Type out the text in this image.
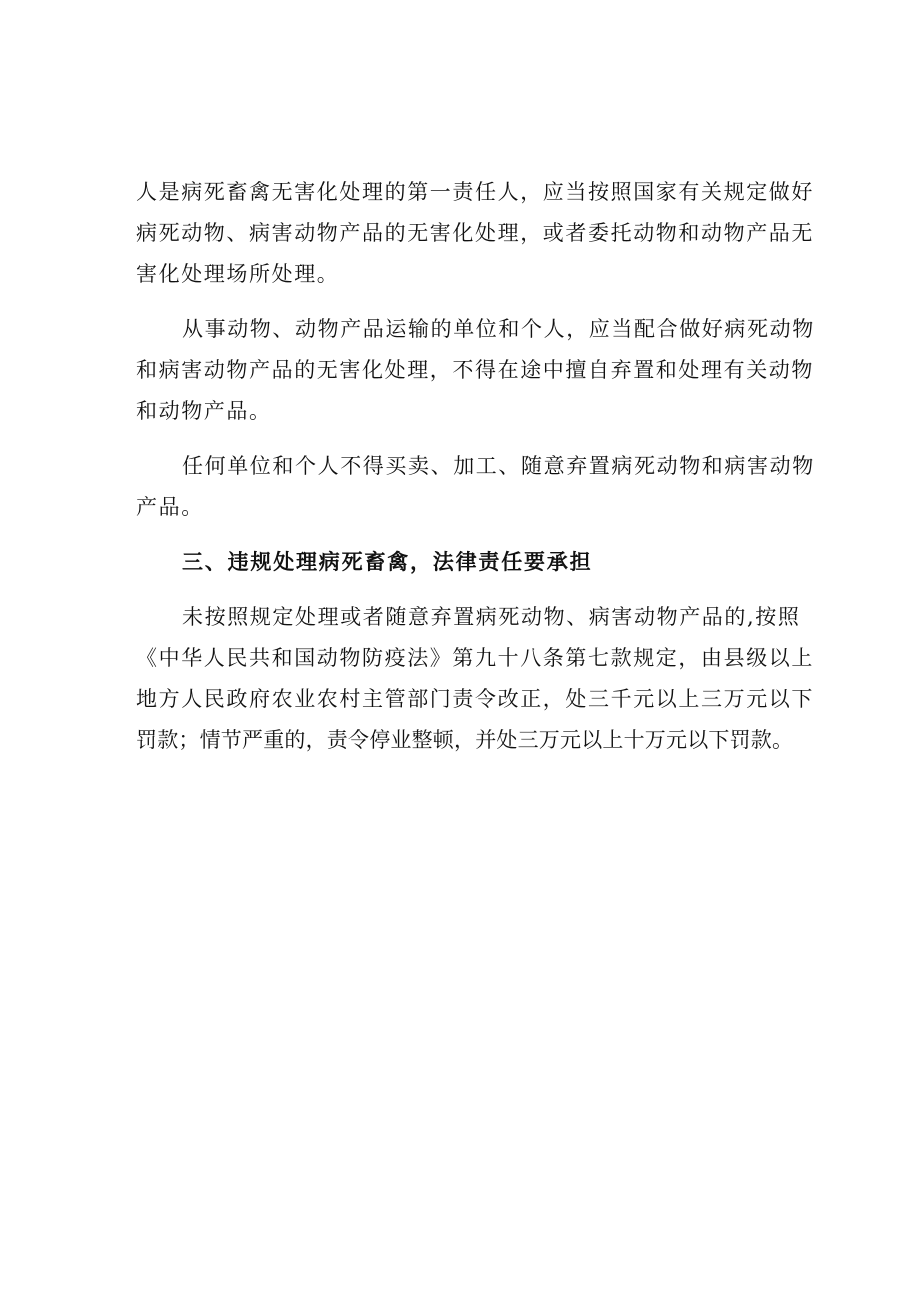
人是病死畜禽无害化处理的第一责任人，应当按照国家有关规定做好
病死动物、病害动物产品的无害化处理，或者委托动物和动物产品无
害化处理场所处理。
从事动物、动物产品运输的单位和个人，应当配合做好病死动物
和病害动物产品的无害化处理，不得在途中擅自弃置和处理有关动物
和动物产品。
任何单位和个人不得买卖、加工、随意弃置病死动物和病害动物
产品。
三、违规处理病死畜禽，法律责任要承担
未按照规定处理或者随意弃置病死动物、病害动物产品的,按照
《中华人民共和国动物防疫法》第九十八条第七款规定，由县级以上
地方人民政府农业农村主管部门责令改正，处三千元以上三万元以下
罚款；情节严重的，责令停业整顿，并处三万元以上十万元以下罚款。
